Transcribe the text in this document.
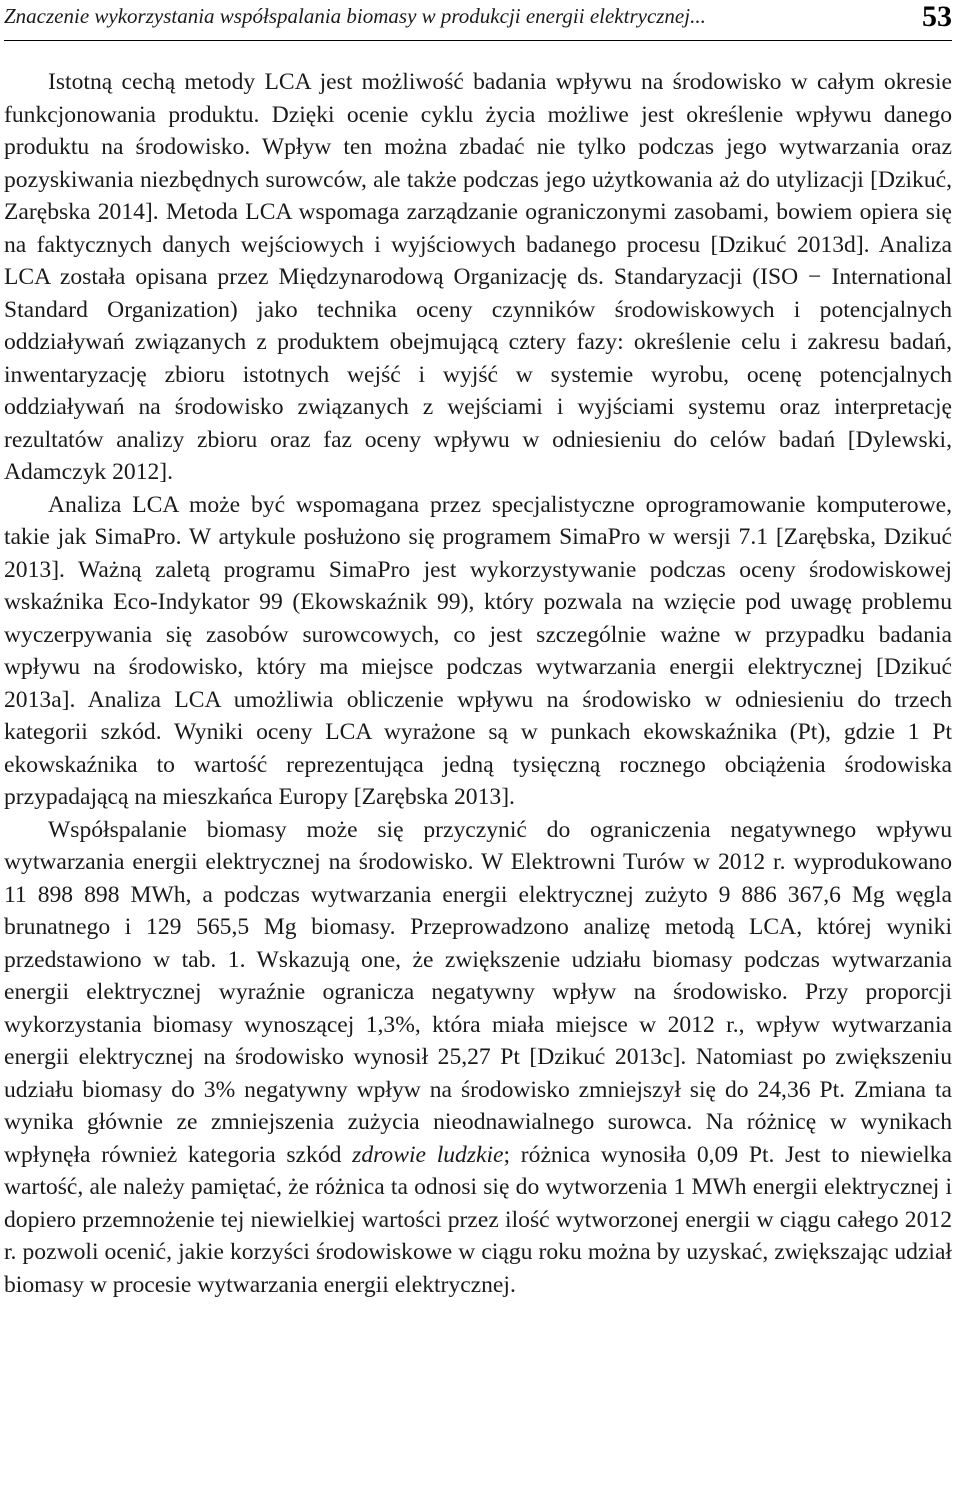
Znaczenie wykorzystania współspalania biomasy w produkcji energii elektrycznej...	53

Istotną cechą metody LCA jest możliwość badania wpływu na środowisko w całym okresie funkcjonowania produktu. Dzięki ocenie cyklu życia możliwe jest określenie wpływu danego produktu na środowisko. Wpływ ten można zbadać nie tylko podczas jego wytwarzania oraz pozyskiwania niezbędnych surowców, ale także podczas jego użytkowania aż do utylizacji [Dzikuć, Zarębska 2014]. Metoda LCA wspomaga zarządzanie ograniczonymi zasobami, bowiem opiera się na faktycznych danych wejściowych i wyjściowych badanego procesu [Dzikuć 2013d]. Analiza LCA została opisana przez Międzynarodową Organizację ds. Standaryzacji (ISO − International Standard Organization) jako technika oceny czynników środowiskowych i potencjalnych oddziaływań związanych z produktem obejmującą cztery fazy: określenie celu i zakresu badań, inwentaryzację zbioru istotnych wejść i wyjść w systemie wyrobu, ocenę potencjalnych oddziaływań na środowisko związanych z wejściami i wyjściami systemu oraz interpretację rezultatów analizy zbioru oraz faz oceny wpływu w odniesieniu do celów badań [Dylewski, Adamczyk 2012].

Analiza LCA może być wspomagana przez specjalistyczne oprogramowanie komputerowe, takie jak SimaPro. W artykule posłużono się programem SimaPro w wersji 7.1 [Zarębska, Dzikuć 2013]. Ważną zaletą programu SimaPro jest wykorzystywanie podczas oceny środowiskowej wskaźnika Eco-Indykator 99 (Ekowskaźnik 99), który pozwala na wzięcie pod uwagę problemu wyczerpywania się zasobów surowcowych, co jest szczególnie ważne w przypadku badania wpływu na środowisko, który ma miejsce podczas wytwarzania energii elektrycznej [Dzikuć 2013a]. Analiza LCA umożliwia obliczenie wpływu na środowisko w odniesieniu do trzech kategorii szkód. Wyniki oceny LCA wyrażone są w punkach ekowskaźnika (Pt), gdzie 1 Pt ekowskaźnika to wartość reprezentująca jedną tysięczną rocznego obciążenia środowiska przypadającą na mieszkańca Europy [Zarębska 2013].

Współspalanie biomasy może się przyczynić do ograniczenia negatywnego wpływu wytwarzania energii elektrycznej na środowisko. W Elektrowni Turów w 2012 r. wyprodukowano 11 898 898 MWh, a podczas wytwarzania energii elektrycznej zużyto 9 886 367,6 Mg węgla brunatnego i 129 565,5 Mg biomasy. Przeprowadzono analizę metodą LCA, której wyniki przedstawiono w tab. 1. Wskazują one, że zwiększenie udziału biomasy podczas wytwarzania energii elektrycznej wyraźnie ogranicza negatywny wpływ na środowisko. Przy proporcji wykorzystania biomasy wynoszącej 1,3%, która miała miejsce w 2012 r., wpływ wytwarzania energii elektrycznej na środowisko wynosił 25,27 Pt [Dzikuć 2013c]. Natomiast po zwiększeniu udziału biomasy do 3% negatywny wpływ na środowisko zmniejszył się do 24,36 Pt. Zmiana ta wynika głównie ze zmniejszenia zużycia nieodnawialnego surowca. Na różnicę w wynikach wpłynęła również kategoria szkód zdrowie ludzkie; różnica wynosiła 0,09 Pt. Jest to niewielka wartość, ale należy pamiętać, że różnica ta odnosi się do wytworzenia 1 MWh energii elektrycznej i dopiero przemnożenie tej niewielkiej wartości przez ilość wytworzonej energii w ciągu całego 2012 r. pozwoli ocenić, jakie korzyści środowiskowe w ciągu roku można by uzyskać, zwiększając udział biomasy w procesie wytwarzania energii elektrycznej.
